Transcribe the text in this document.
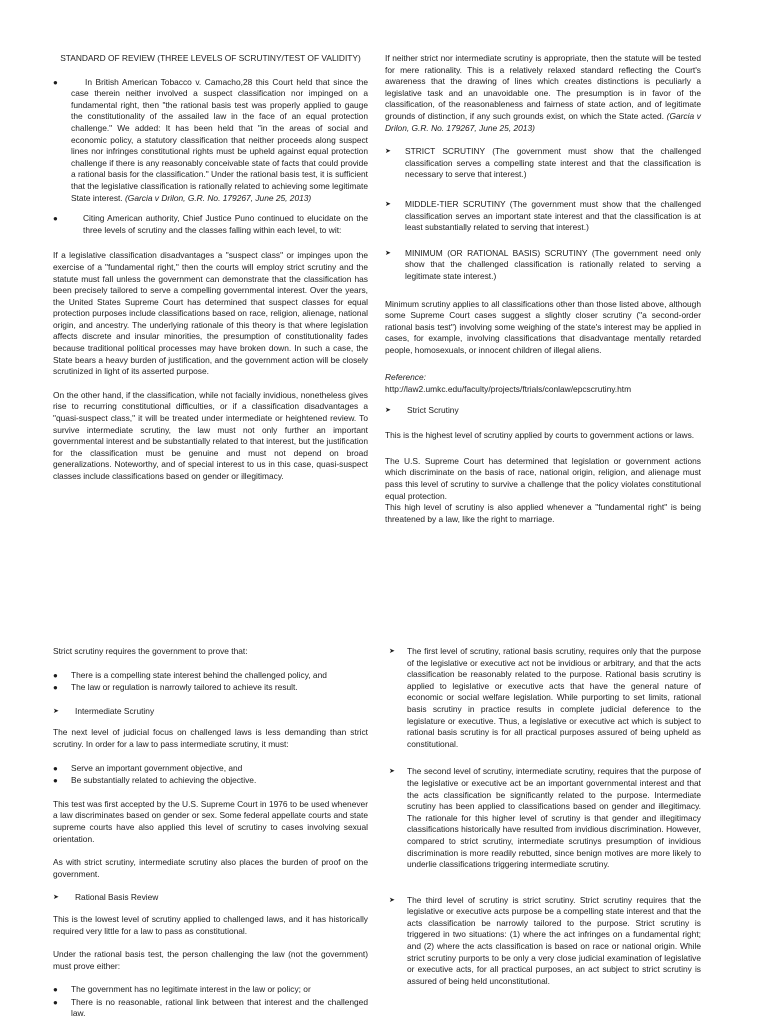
STANDARD OF REVIEW (THREE LEVELS OF SCRUTINY/TEST OF VALIDITY)
●	In British American Tobacco v. Camacho,28 this Court held that since the case therein neither involved a suspect classification nor impinged on a fundamental right, then "the rational basis test was properly applied to gauge the constitutionality of the assailed law in the face of an equal protection challenge." We added: It has been held that "in the areas of social and economic policy, a statutory classification that neither proceeds along suspect lines nor infringes constitutional rights must be upheld against equal protection challenge if there is any reasonably conceivable state of facts that could provide a rational basis for the classification." Under the rational basis test, it is sufficient that the legislative classification is rationally related to achieving some legitimate State interest. (Garcia v Drilon, G.R. No. 179267, June 25, 2013)
●	Citing American authority, Chief Justice Puno continued to elucidate on the three levels of scrutiny and the classes falling within each level, to wit:

If a legislative classification disadvantages a "suspect class" or impinges upon the exercise of a "fundamental right," then the courts will employ strict scrutiny and the statute must fall unless the government can demonstrate that the classification has been precisely tailored to serve a compelling governmental interest. Over the years, the United States Supreme Court has determined that suspect classes for equal protection purposes include classifications based on race, religion, alienage, national origin, and ancestry. The underlying rationale of this theory is that where legislation affects discrete and insular minorities, the presumption of constitutionality fades because traditional political processes may have broken down. In such a case, the State bears a heavy burden of justification, and the government action will be closely scrutinized in light of its asserted purpose.

On the other hand, if the classification, while not facially invidious, nonetheless gives rise to recurring constitutional difficulties, or if a classification disadvantages a "quasi-suspect class," it will be treated under intermediate or heightened review. To survive intermediate scrutiny, the law must not only further an important governmental interest and be substantially related to that interest, but the justification for the classification must be genuine and must not depend on broad generalizations. Noteworthy, and of special interest to us in this case, quasi-suspect classes include classifications based on gender or illegitimacy.

If neither strict nor intermediate scrutiny is appropriate, then the statute will be tested for mere rationality. This is a relatively relaxed standard reflecting the Court's awareness that the drawing of lines which creates distinctions is peculiarly a legislative task and an unavoidable one. The presumption is in favor of the classification, of the reasonableness and fairness of state action, and of legitimate grounds of distinction, if any such grounds exist, on which the State acted. (Garcia v Drilon, G.R. No. 179267, June 25, 2013)

➤ STRICT SCRUTINY (The government must show that the challenged classification serves a compelling state interest and that the classification is necessary to serve that interest.)
➤ MIDDLE-TIER SCRUTINY (The government must show that the challenged classification serves an important state interest and that the classification is at least substantially related to serving that interest.)
➤ MINIMUM (OR RATIONAL BASIS) SCRUTINY (The government need only show that the challenged classification is rationally related to serving a legitimate state interest.)

Minimum scrutiny applies to all classifications other than those listed above, although some Supreme Court cases suggest a slightly closer scrutiny ("a second-order rational basis test") involving some weighing of the state's interest may be applied in cases, for example, involving classifications that disadvantage mentally retarded people, homosexuals, or innocent children of illegal aliens.

Reference:
http://law2.umkc.edu/faculty/projects/ftrials/conlaw/epcscrutiny.htm

➤ Strict Scrutiny

This is the highest level of scrutiny applied by courts to government actions or laws.

The U.S. Supreme Court has determined that legislation or government actions which discriminate on the basis of race, national origin, religion, and alienage must pass this level of scrutiny to survive a challenge that the policy violates constitutional equal protection.
This high level of scrutiny is also applied whenever a "fundamental right" is being threatened by a law, like the right to marriage.

Strict scrutiny requires the government to prove that:

● There is a compelling state interest behind the challenged policy, and
● The law or regulation is narrowly tailored to achieve its result.
➤ Intermediate Scrutiny

The next level of judicial focus on challenged laws is less demanding than strict scrutiny. In order for a law to pass intermediate scrutiny, it must:

● Serve an important government objective, and
● Be substantially related to achieving the objective.

This test was first accepted by the U.S. Supreme Court in 1976 to be used whenever a law discriminates based on gender or sex. Some federal appellate courts and state supreme courts have also applied this level of scrutiny to cases involving sexual orientation.

As with strict scrutiny, intermediate scrutiny also places the burden of proof on the government.

➤ Rational Basis Review

This is the lowest level of scrutiny applied to challenged laws, and it has historically required very little for a law to pass as constitutional.

Under the rational basis test, the person challenging the law (not the government) must prove either:

● The government has no legitimate interest in the law or policy; or
● There is no reasonable, rational link between that interest and the challenged law.
➤ The first level of scrutiny, rational basis scrutiny, requires only that the purpose of the legislative or executive act not be invidious or arbitrary, and that the acts classification be reasonably related to the purpose. Rational basis scrutiny is applied to legislative or executive acts that have the general nature of economic or social welfare legislation. While purporting to set limits, rational basis scrutiny in practice results in complete judicial deference to the legislature or executive. Thus, a legislative or executive act which is subject to rational basis scrutiny is for all practical purposes assured of being upheld as constitutional.
➤ The second level of scrutiny, intermediate scrutiny, requires that the purpose of the legislative or executive act be an important governmental interest and that the acts classification be significantly related to the purpose. Intermediate scrutiny has been applied to classifications based on gender and illegitimacy. The rationale for this higher level of scrutiny is that gender and illegitimacy classifications historically have resulted from invidious discrimination. However, compared to strict scrutiny, intermediate scrutinys presumption of invidious discrimination is more readily rebutted, since benign motives are more likely to underlie classifications triggering intermediate scrutiny.
➤ The third level of scrutiny is strict scrutiny. Strict scrutiny requires that the legislative or executive acts purpose be a compelling state interest and that the acts classification be narrowly tailored to the purpose. Strict scrutiny is triggered in two situations: (1) where the act infringes on a fundamental right; and (2) where the acts classification is based on race or national origin. While strict scrutiny purports to be only a very close judicial examination of legislative or executive acts, for all practical purposes, an act subject to strict scrutiny is assured of being held unconstitutional.
